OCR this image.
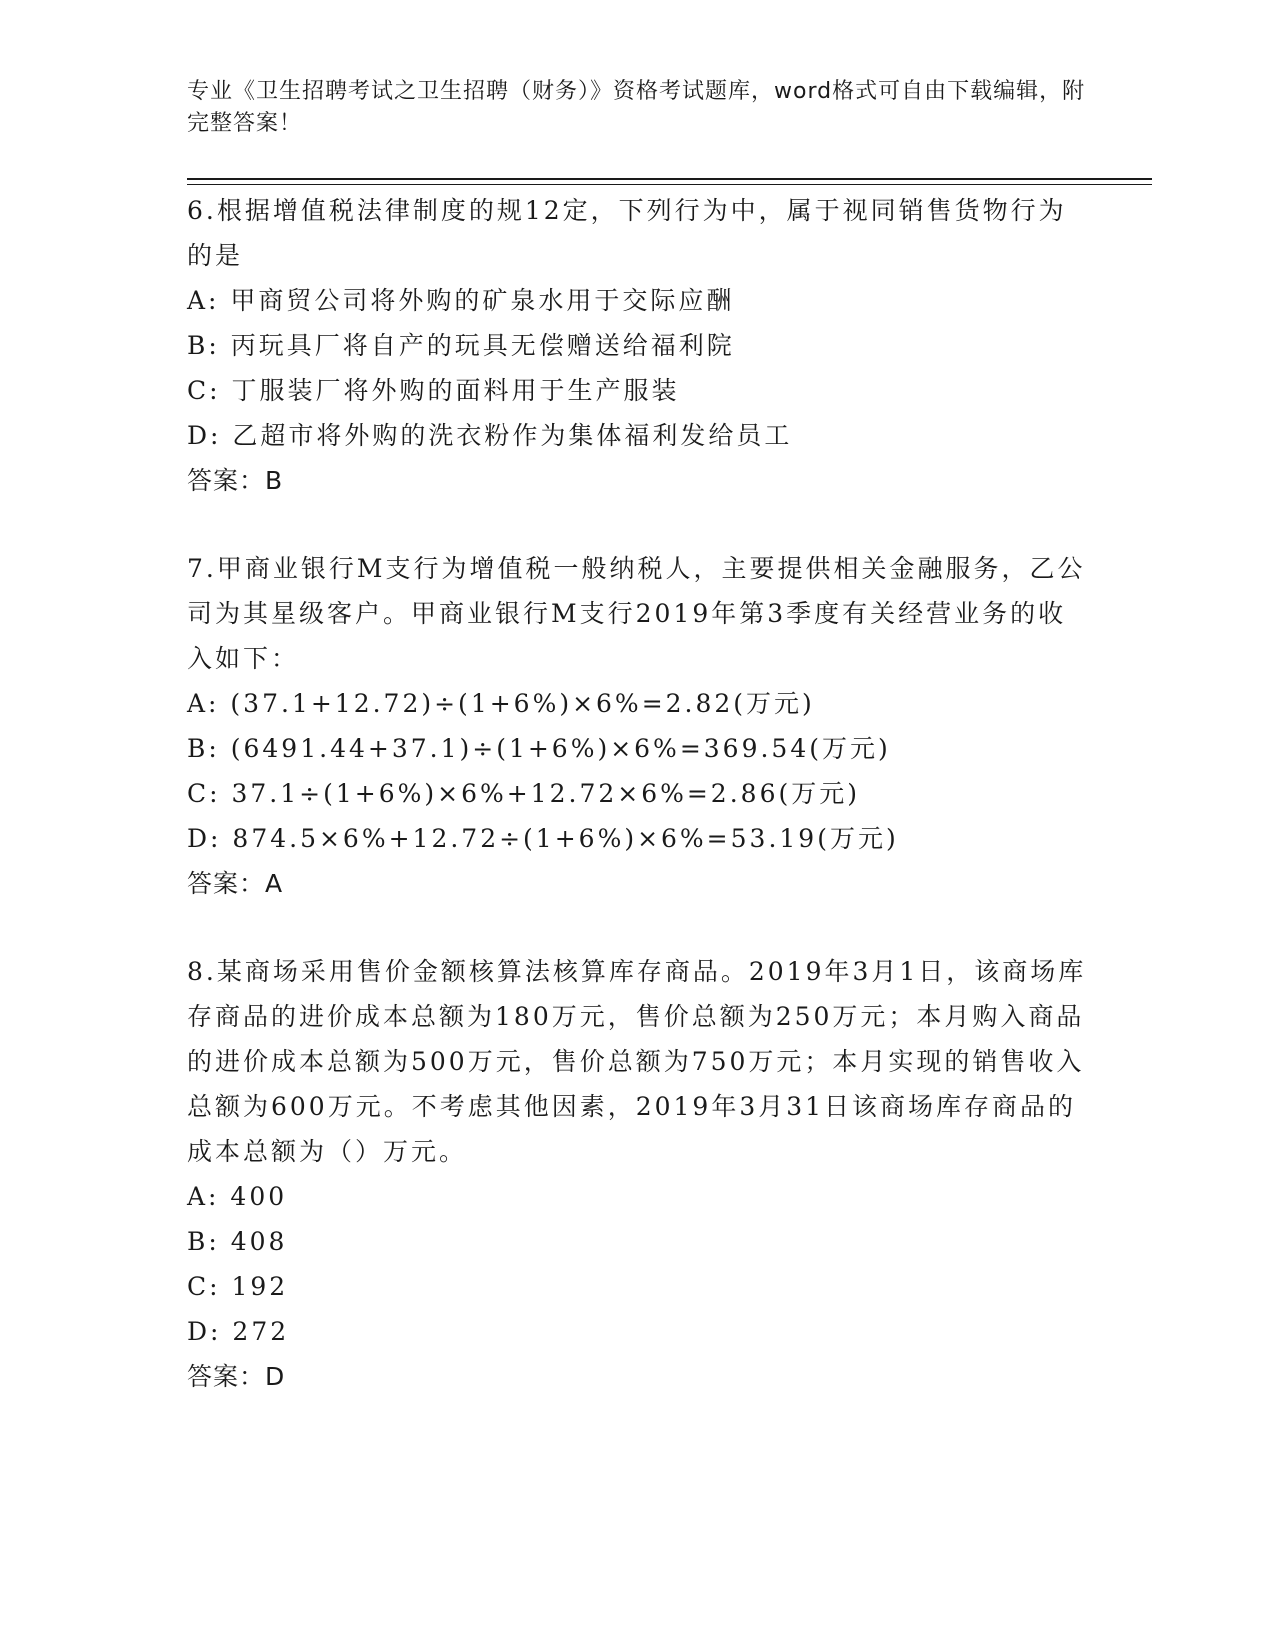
专业《卫生招聘考试之卫生招聘（财务）》资格考试题库，word格式可自由下载编辑，附完整答案！

6.根据增值税法律制度的规12定，下列行为中，属于视同销售货物行为的是

A: 甲商贸公司将外购的矿泉水用于交际应酬

B: 丙玩具厂将自产的玩具无偿赠送给福利院

C: 丁服装厂将外购的面料用于生产服装

D: 乙超市将外购的洗衣粉作为集体福利发给员工

答案：B

7.甲商业银行M支行为增值税一般纳税人，主要提供相关金融服务，乙公司为其星级客户。甲商业银行M支行2019年第3季度有关经营业务的收入如下：

A: (37.1+12.72)÷(1+6%)×6%=2.82(万元)

B: (6491.44+37.1)÷(1+6%)×6%=369.54(万元)

C: 37.1÷(1+6%)×6%+12.72×6%=2.86(万元)

D: 874.5×6%+12.72÷(1+6%)×6%=53.19(万元)

答案：A

8.某商场采用售价金额核算法核算库存商品。2019年3月1日，该商场库存商品的进价成本总额为180万元，售价总额为250万元；本月购入商品的进价成本总额为500万元，售价总额为750万元；本月实现的销售收入总额为600万元。不考虑其他因素，2019年3月31日该商场库存商品的成本总额为（）万元。

A: 400

B: 408

C: 192

D: 272

答案：D
